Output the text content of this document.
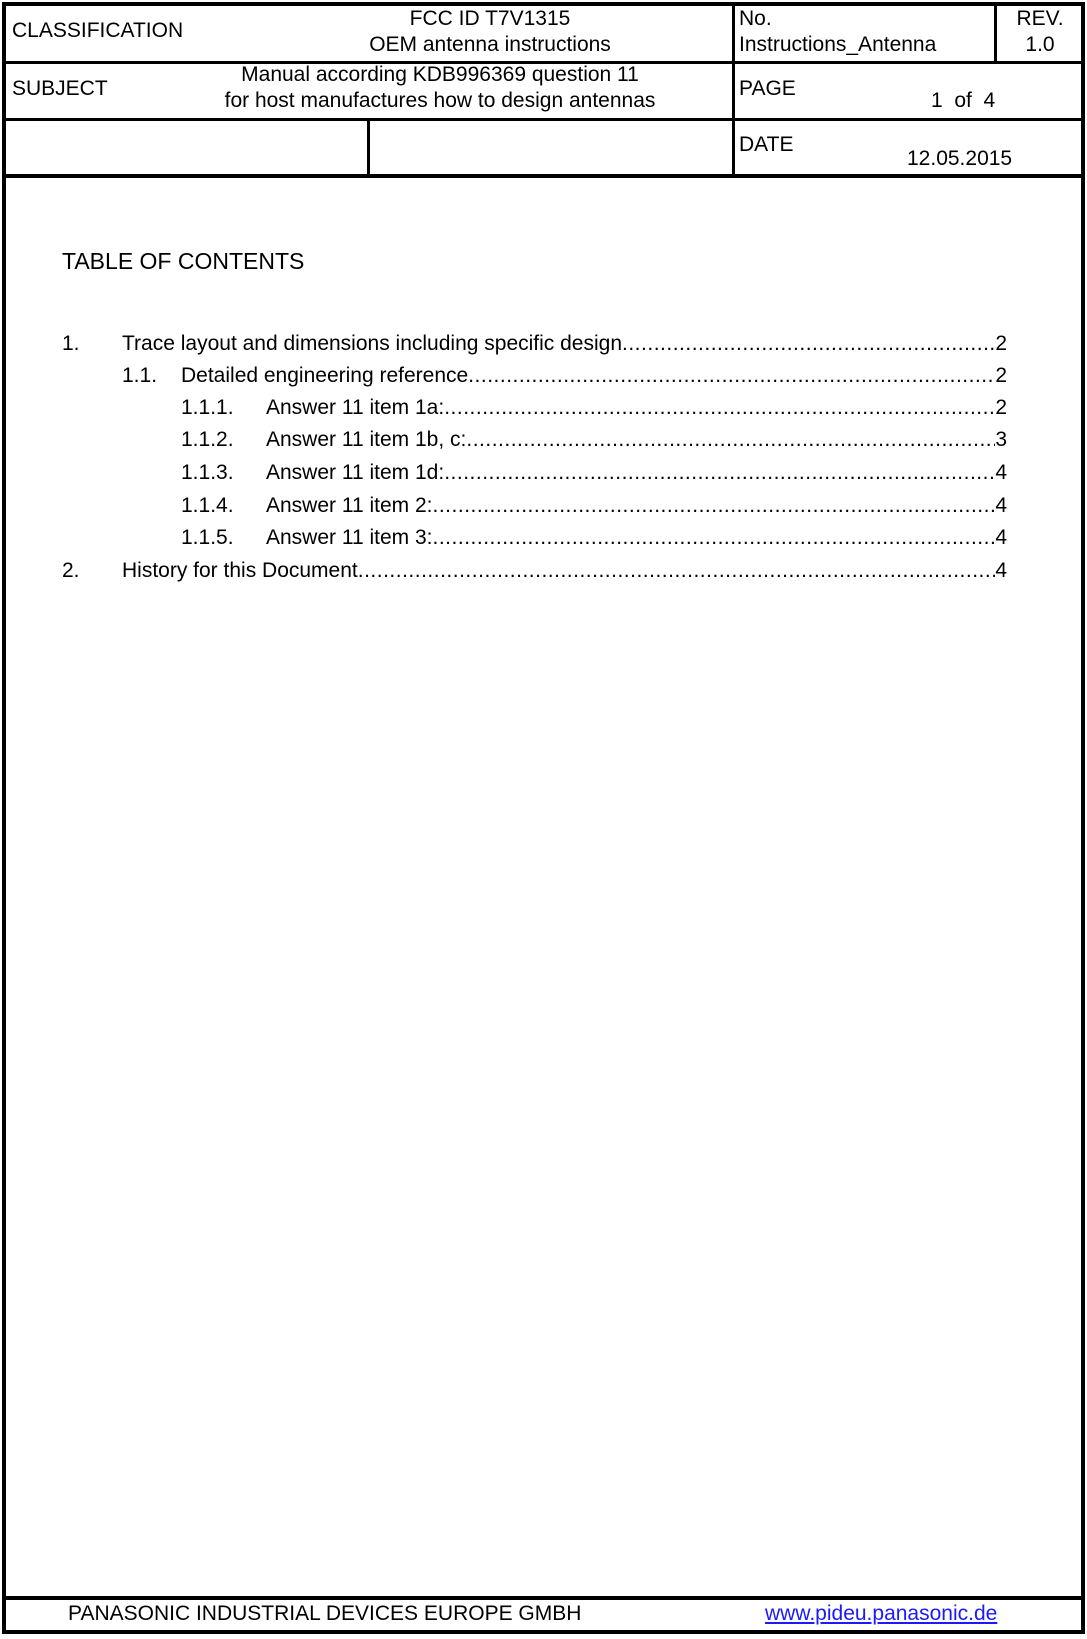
CLASSIFICATION
FCC ID T7V1315
OEM antenna instructions
No.
Instructions_Antenna
REV.
1.0
SUBJECT
Manual according KDB996369 question 11
for host manufactures how to design antennas
PAGE
1  of  4
DATE
12.05.2015
TABLE OF CONTENTS
1.	Trace layout and dimensions including specific design .....	2
1.1.	Detailed engineering reference .....	2
1.1.1.	Answer 11 item 1a: .....	2
1.1.2.	Answer 11 item 1b, c: .....	3
1.1.3.	Answer 11 item 1d: .....	4
1.1.4.	Answer 11 item 2: .....	4
1.1.5.	Answer 11 item 3: .....	4
2.	History for this Document .....	4
PANASONIC INDUSTRIAL DEVICES EUROPE GMBH	www.pideu.panasonic.de
